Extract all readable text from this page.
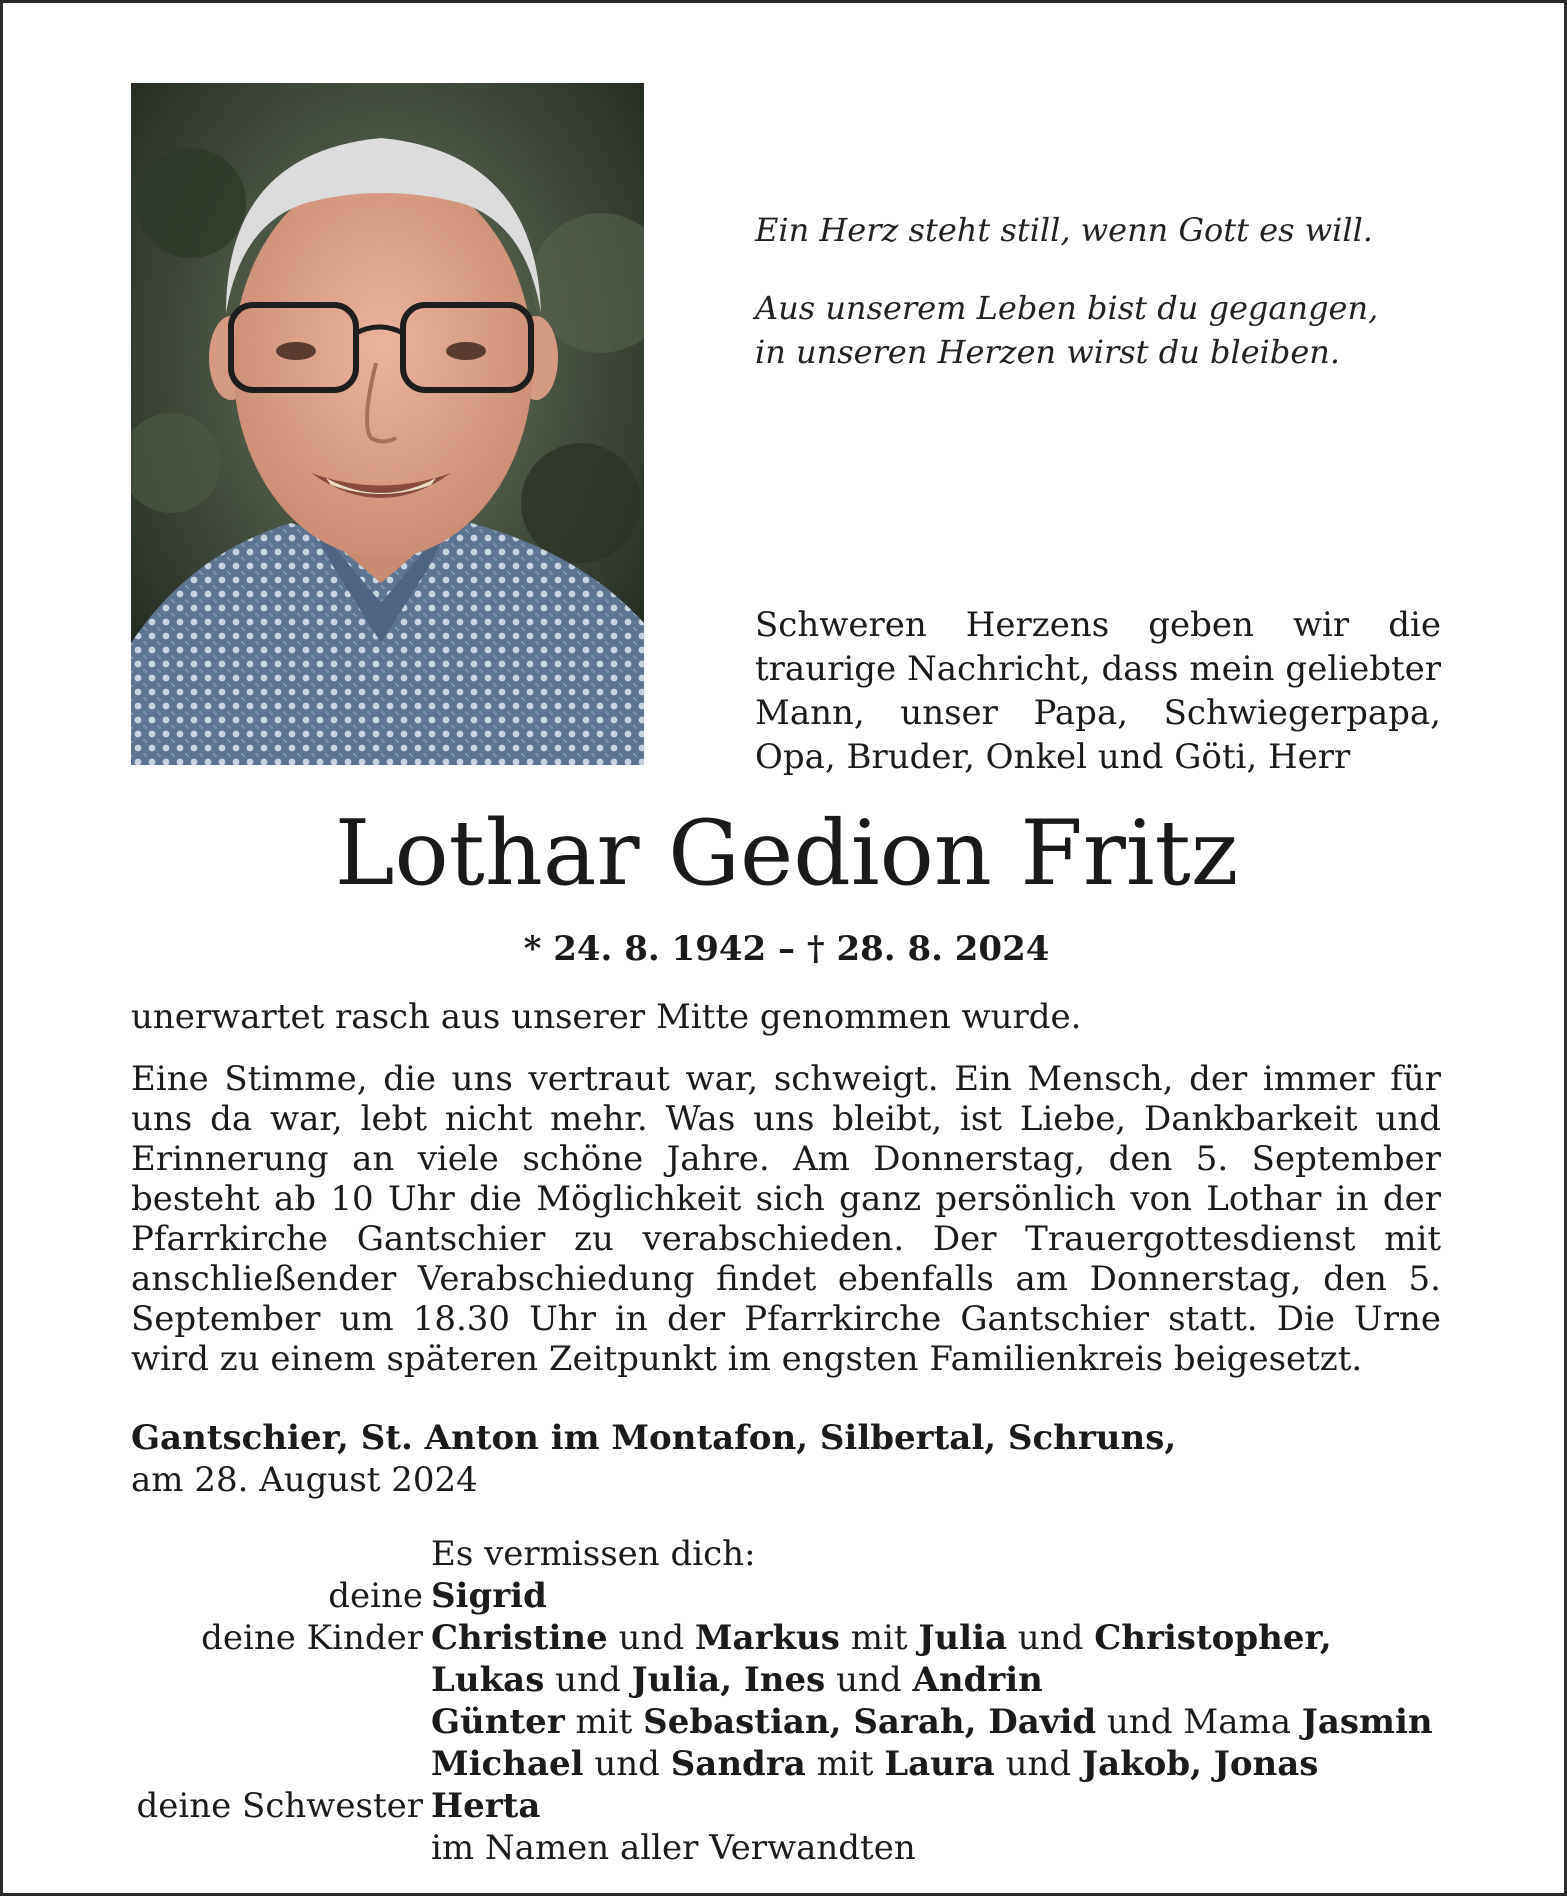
Ein Herz steht still, wenn Gott es will.

Aus unserem Leben bist du gegangen,

in unseren Herzen wirst du bleiben.

Schweren Herzens geben wir die traurige Nachricht, dass mein geliebter Mann, unser Papa, Schwiegerpapa, Opa, Bruder, Onkel und Göti, Herr
Lothar Gedion Fritz
* 24. 8. 1942 – † 28. 8. 2024

unerwartet rasch aus unserer Mitte genommen wurde.

Eine Stimme, die uns vertraut war, schweigt. Ein Mensch, der immer für uns da war, lebt nicht mehr. Was uns bleibt, ist Liebe, Dankbarkeit und Erinnerung an viele schöne Jahre. Am Donnerstag, den 5. September besteht ab 10 Uhr die Möglichkeit sich ganz persönlich von Lothar in der Pfarrkirche Gantschier zu verabschieden. Der Trauergottesdienst mit anschließender Verabschiedung findet ebenfalls am Donnerstag, den 5. September um 18.30 Uhr in der Pfarrkirche Gantschier statt. Die Urne wird zu einem späteren Zeitpunkt im engsten Familienkreis beigesetzt.

Gantschier, St. Anton im Montafon, Silbertal, Schruns,
am 28. August 2024
Es vermissen dich:
deine Sigrid
deine Kinder Christine und Markus mit Julia und Christopher,
Lukas und Julia, Ines und Andrin
Günter mit Sebastian, Sarah, David und Mama Jasmin
Michael und Sandra mit Laura und Jakob, Jonas
deine Schwester Herta
im Namen aller Verwandten
